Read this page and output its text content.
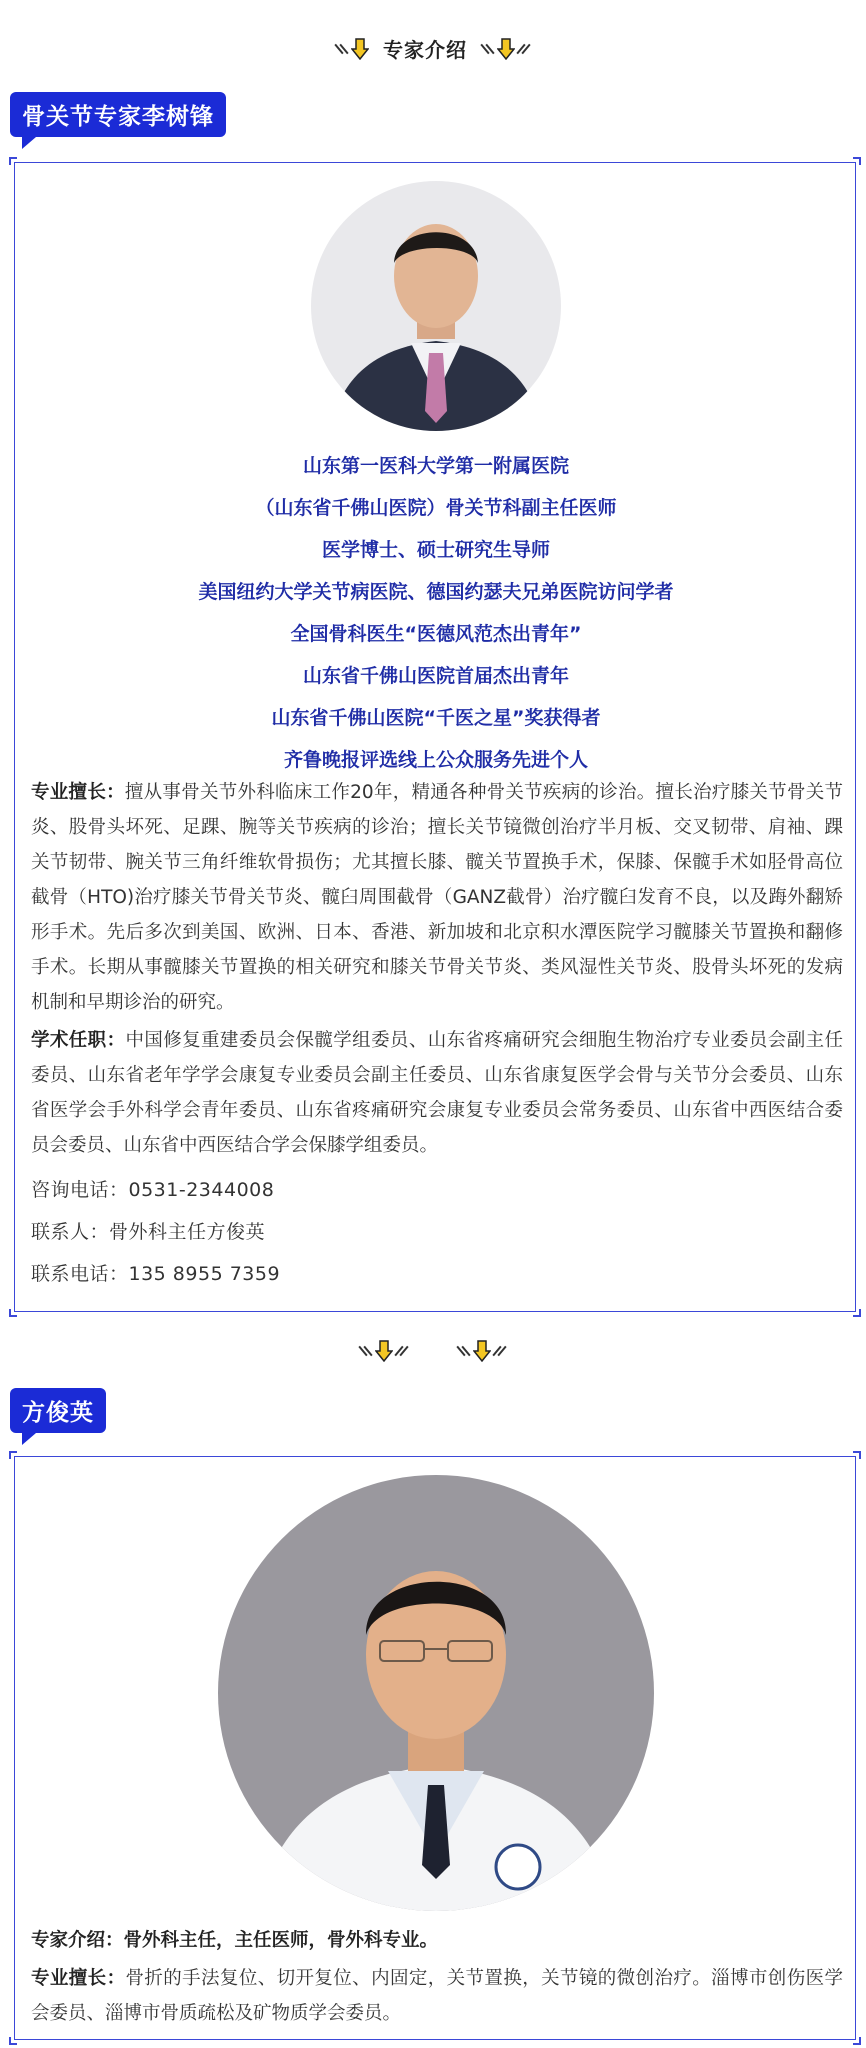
专家介绍
骨关节专家李树锋

山东第一医科大学第一附属医院

（山东省千佛山医院）骨关节科副主任医师

医学博士、硕士研究生导师

美国纽约大学关节病医院、德国约瑟夫兄弟医院访问学者

全国骨科医生“医德风范杰出青年”

山东省千佛山医院首届杰出青年

山东省千佛山医院“千医之星”奖获得者

齐鲁晚报评选线上公众服务先进个人

专业擅长：擅从事骨关节外科临床工作20年，精通各种骨关节疾病的诊治。擅长治疗膝关节骨关节炎、股骨头坏死、足踝、腕等关节疾病的诊治；擅长关节镜微创治疗半月板、交叉韧带、肩袖、踝关节韧带、腕关节三角纤维软骨损伤；尤其擅长膝、髋关节置换手术，保膝、保髋手术如胫骨高位截骨（HTO)治疗膝关节骨关节炎、髋臼周围截骨（GANZ截骨）治疗髋臼发育不良，以及踇外翻矫形手术。先后多次到美国、欧洲、日本、香港、新加坡和北京积水潭医院学习髋膝关节置换和翻修手术。长期从事髋膝关节置换的相关研究和膝关节骨关节炎、类风湿性关节炎、股骨头坏死的发病机制和早期诊治的研究。
学术任职：中国修复重建委员会保髋学组委员、山东省疼痛研究会细胞生物治疗专业委员会副主任委员、山东省老年学学会康复专业委员会副主任委员、山东省康复医学会骨与关节分会委员、山东省医学会手外科学会青年委员、山东省疼痛研究会康复专业委员会常务委员、山东省中西医结合委员会委员、山东省中西医结合学会保膝学组委员。
咨询电话：0531-2344008
联系人：骨外科主任方俊英
联系电话：135 8955 7359
方俊英
专家介绍：骨外科主任，主任医师，骨外科专业。
专业擅长：骨折的手法复位、切开复位、内固定，关节置换，关节镜的微创治疗。淄博市创伤医学会委员、淄博市骨质疏松及矿物质学会委员。
